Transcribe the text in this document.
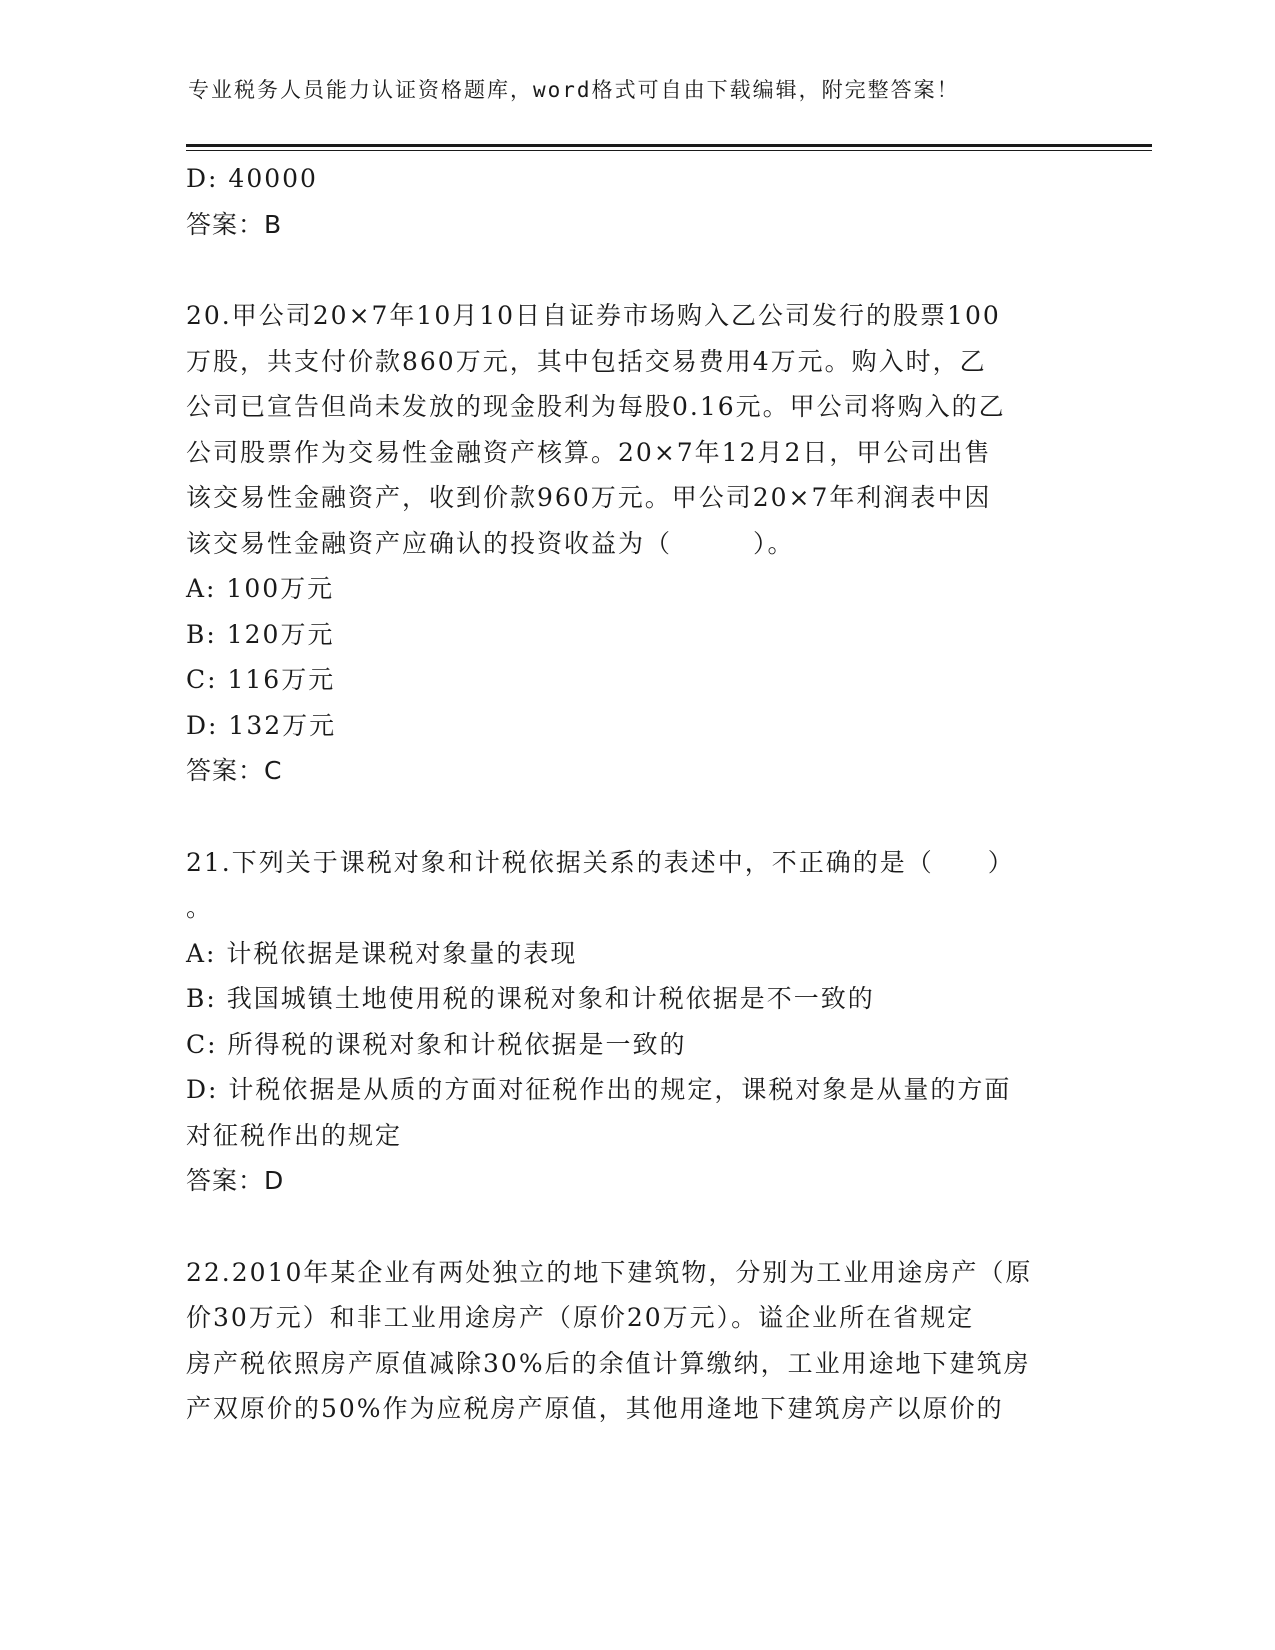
专业税务人员能力认证资格题库，word格式可自由下载编辑，附完整答案！
D: 40000
答案：B
20.甲公司20×7年10月10日自证券市场购入乙公司发行的股票100
万股，共支付价款860万元，其中包括交易费用4万元。购入时，乙
公司已宣告但尚未发放的现金股利为每股0.16元。甲公司将购入的乙
公司股票作为交易性金融资产核算。20×7年12月2日，甲公司出售
该交易性金融资产，收到价款960万元。甲公司20×7年利润表中因
该交易性金融资产应确认的投资收益为（　　　）。
A: 100万元
B: 120万元
C: 116万元
D: 132万元
答案：C
21.下列关于课税对象和计税依据关系的表述中，不正确的是（　　）
。
A: 计税依据是课税对象量的表现
B: 我国城镇土地使用税的课税对象和计税依据是不一致的
C: 所得税的课税对象和计税依据是一致的
D: 计税依据是从质的方面对征税作出的规定，课税对象是从量的方面
对征税作出的规定
答案：D
22.2010年某企业有两处独立的地下建筑物，分别为工业用途房产（原
价30万元）和非工业用途房产（原价20万元）。谥企业所在省规定
房产税依照房产原值减除30%后的余值计算缴纳，工业用途地下建筑房
产双原价的50%作为应税房产原值，其他用逄地下建筑房产以原价的
